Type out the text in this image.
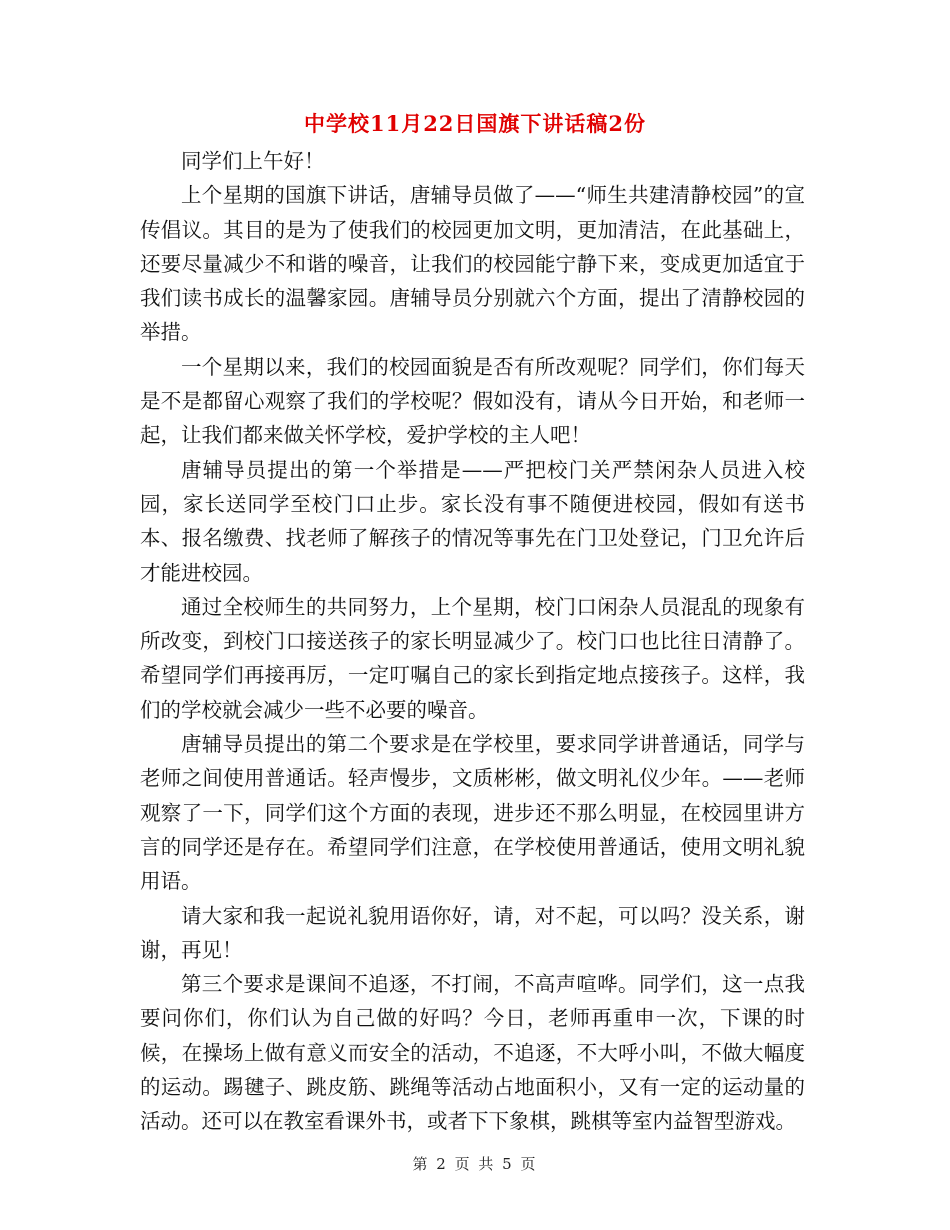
中学校11月22日国旗下讲话稿2份

同学们上午好！

上个星期的国旗下讲话，唐辅导员做了——“师生共建清静校园”的宣传倡议。其目的是为了使我们的校园更加文明，更加清洁，在此基础上，还要尽量减少不和谐的噪音，让我们的校园能宁静下来，变成更加适宜于我们读书成长的温馨家园。唐辅导员分别就六个方面，提出了清静校园的举措。

一个星期以来，我们的校园面貌是否有所改观呢？同学们，你们每天是不是都留心观察了我们的学校呢？假如没有，请从今日开始，和老师一起，让我们都来做关怀学校，爱护学校的主人吧！

唐辅导员提出的第一个举措是——严把校门关严禁闲杂人员进入校园，家长送同学至校门口止步。家长没有事不随便进校园，假如有送书本、报名缴费、找老师了解孩子的情况等事先在门卫处登记，门卫允许后才能进校园。

通过全校师生的共同努力，上个星期，校门口闲杂人员混乱的现象有所改变，到校门口接送孩子的家长明显减少了。校门口也比往日清静了。希望同学们再接再厉，一定叮嘱自己的家长到指定地点接孩子。这样，我们的学校就会减少一些不必要的噪音。

唐辅导员提出的第二个要求是在学校里，要求同学讲普通话，同学与老师之间使用普通话。轻声慢步，文质彬彬，做文明礼仪少年。——老师观察了一下，同学们这个方面的表现，进步还不那么明显，在校园里讲方言的同学还是存在。希望同学们注意，在学校使用普通话，使用文明礼貌用语。

请大家和我一起说礼貌用语你好，请，对不起，可以吗？没关系，谢谢，再见！

第三个要求是课间不追逐，不打闹，不高声喧哗。同学们，这一点我要问你们，你们认为自己做的好吗？今日，老师再重申一次，下课的时候，在操场上做有意义而安全的活动，不追逐，不大呼小叫，不做大幅度的运动。踢毽子、跳皮筋、跳绳等活动占地面积小，又有一定的运动量的活动。还可以在教室看课外书，或者下下象棋，跳棋等室内益智型游戏。

第 2 页 共 5 页
